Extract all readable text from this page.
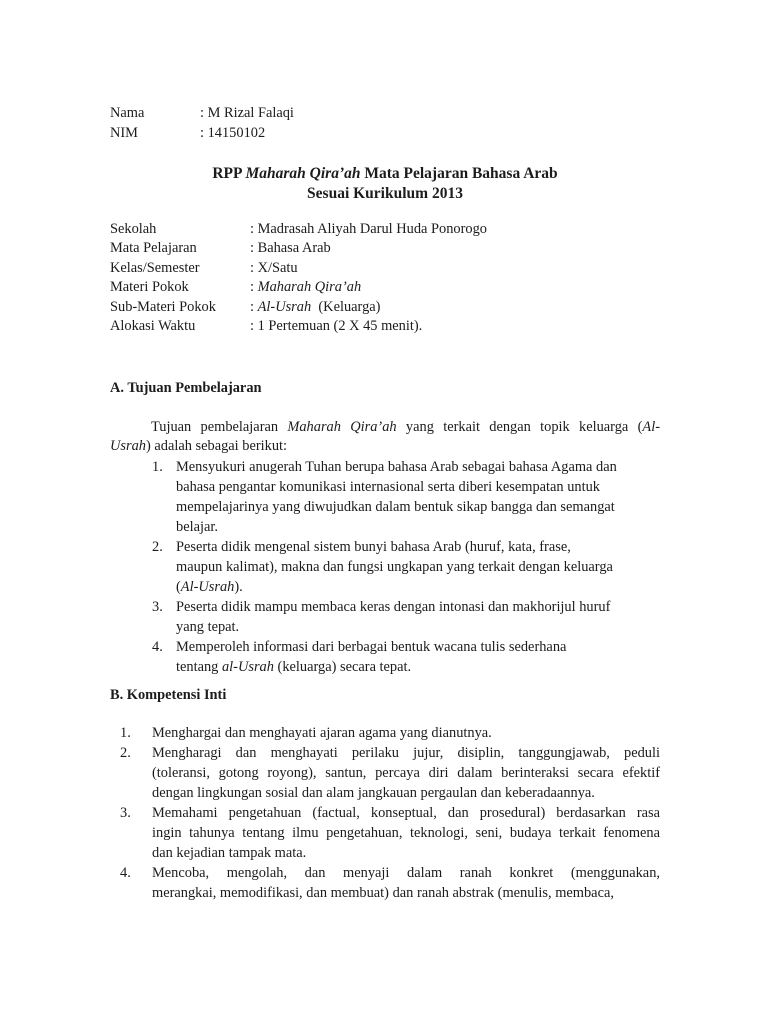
Nama	: M Rizal Falaqi
NIM	: 14150102
RPP Maharah Qira’ah Mata Pelajaran Bahasa Arab
Sesuai Kurikulum 2013
Sekolah	: Madrasah Aliyah Darul Huda Ponorogo
Mata Pelajaran	: Bahasa Arab
Kelas/Semester	: X/Satu
Materi Pokok	: Maharah Qira’ah
Sub-Materi Pokok : Al-Usrah  (Keluarga)
Alokasi Waktu	: 1 Pertemuan (2 X 45 menit).
A. Tujuan Pembelajaran
Tujuan pembelajaran Maharah Qira’ah yang terkait dengan topik keluarga (Al-
Usrah) adalah sebagai berikut:
1. Mensyukuri anugerah Tuhan berupa bahasa Arab sebagai bahasa Agama dan
bahasa pengantar komunikasi internasional serta diberi kesempatan untuk
mempelajarinya yang diwujudkan dalam bentuk sikap bangga dan semangat
belajar.
2. Peserta didik mengenal sistem bunyi bahasa Arab (huruf, kata, frase,
maupun kalimat), makna dan fungsi ungkapan yang terkait dengan keluarga
(Al-Usrah).
3. Peserta didik mampu membaca keras dengan intonasi dan makhorijul huruf
yang tepat.
4. Memperoleh informasi dari berbagai bentuk wacana tulis sederhana
tentang al-Usrah (keluarga) secara tepat.
B. Kompetensi Inti
1. Menghargai dan menghayati ajaran agama yang dianutnya.
2. Mengharagi dan menghayati perilaku jujur, disiplin, tanggungjawab, peduli
(toleransi, gotong royong), santun, percaya diri dalam berinteraksi secara efektif
dengan lingkungan sosial dan alam jangkauan pergaulan dan keberadaannya.
3. Memahami pengetahuan (factual, konseptual, dan prosedural) berdasarkan rasa
ingin tahunya tentang ilmu pengetahuan, teknologi, seni, budaya terkait fenomena
dan kejadian tampak mata.
4. Mencoba, mengolah, dan menyaji dalam ranah konkret (menggunakan,
merangkai, memodifikasi, dan membuat) dan ranah abstrak (menulis, membaca,
